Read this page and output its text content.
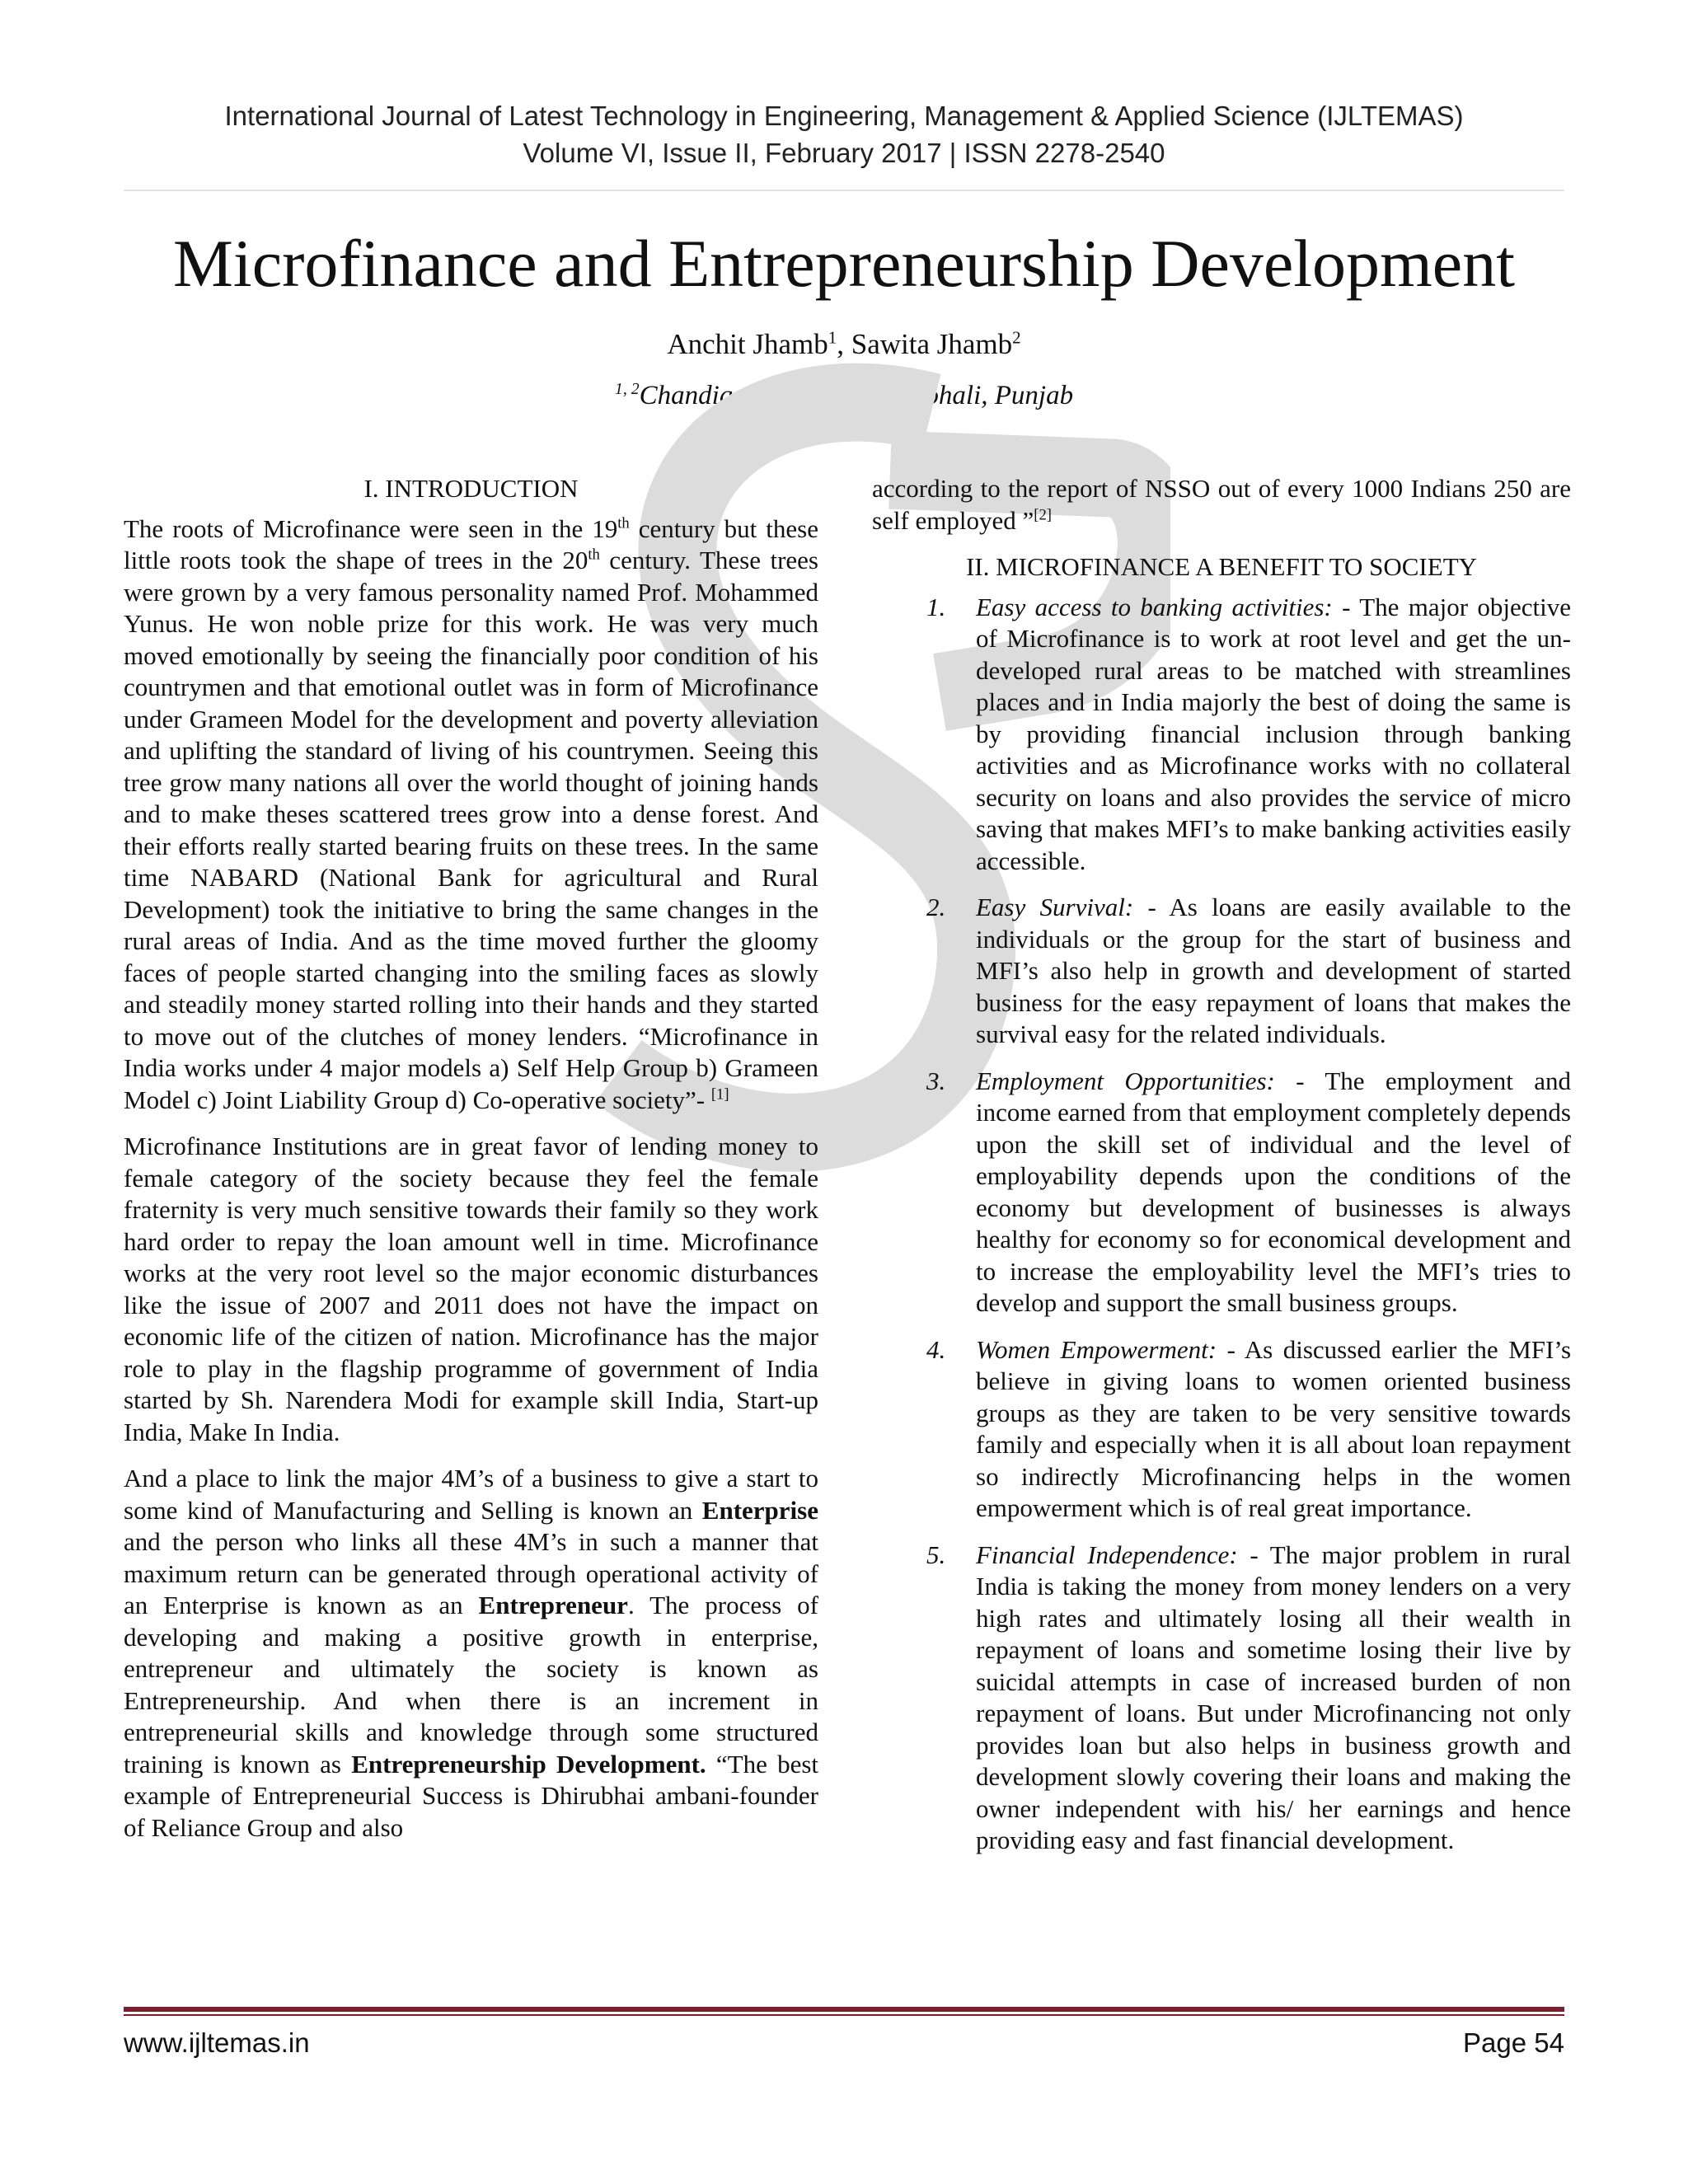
International Journal of Latest Technology in Engineering, Management & Applied Science (IJLTEMAS)
Volume VI, Issue II, February 2017 | ISSN 2278-2540
Microfinance and Entrepreneurship Development
Anchit Jhamb$^1$, Sawita Jhamb$^2$
$^{1, 2}$Chandigarh University, Mohali, Punjab
I. INTRODUCTION

The roots of Microfinance were seen in the 19th century but these little roots took the shape of trees in the 20th century. These trees were grown by a very famous personality named Prof. Mohammed Yunus. He won noble prize for this work. He was very much moved emotionally by seeing the financially poor condition of his countrymen and that emotional outlet was in form of Microfinance under Grameen Model for the development and poverty alleviation and uplifting the standard of living of his countrymen. Seeing this tree grow many nations all over the world thought of joining hands and to make theses scattered trees grow into a dense forest. And their efforts really started bearing fruits on these trees. In the same time NABARD (National Bank for agricultural and Rural Development) took the initiative to bring the same changes in the rural areas of India. And as the time moved further the gloomy faces of people started changing into the smiling faces as slowly and steadily money started rolling into their hands and they started to move out of the clutches of money lenders. “Microfinance in India works under 4 major models a) Self Help Group b) Grameen Model c) Joint Liability Group d) Co-operative society”- [1]

Microfinance Institutions are in great favor of lending money to female category of the society because they feel the female fraternity is very much sensitive towards their family so they work hard order to repay the loan amount well in time. Microfinance works at the very root level so the major economic disturbances like the issue of 2007 and 2011 does not have the impact on economic life of the citizen of nation. Microfinance has the major role to play in the flagship programme of government of India started by Sh. Narendera Modi for example skill India, Start-up India, Make In India.

And a place to link the major 4M’s of a business to give a start to some kind of Manufacturing and Selling is known an Enterprise and the person who links all these 4M’s in such a manner that maximum return can be generated through operational activity of an Enterprise is known as an Entrepreneur. The process of developing and making a positive growth in enterprise, entrepreneur and ultimately the society is known as Entrepreneurship. And when there is an increment in entrepreneurial skills and knowledge through some structured training is known as Entrepreneurship Development. “The best example of Entrepreneurial Success is Dhirubhai ambani-founder of Reliance Group and also

according to the report of NSSO out of every 1000 Indians 250 are self employed ”[2]

II. MICROFINANCE A BENEFIT TO SOCIETY
1. Easy access to banking activities: - The major objective of Microfinance is to work at root level and get the un-developed rural areas to be matched with streamlines places and in India majorly the best of doing the same is by providing financial inclusion through banking activities and as Microfinance works with no collateral security on loans and also provides the service of micro saving that makes MFI’s to make banking activities easily accessible.
2. Easy Survival: - As loans are easily available to the individuals or the group for the start of business and MFI’s also help in growth and development of started business for the easy repayment of loans that makes the survival easy for the related individuals.
3. Employment Opportunities: - The employment and income earned from that employment completely depends upon the skill set of individual and the level of employability depends upon the conditions of the economy but development of businesses is always healthy for economy so for economical development and to increase the employability level the MFI’s tries to develop and support the small business groups.
4. Women Empowerment: - As discussed earlier the MFI’s believe in giving loans to women oriented business groups as they are taken to be very sensitive towards family and especially when it is all about loan repayment so indirectly Microfinancing helps in the women empowerment which is of real great importance.
5. Financial Independence: - The major problem in rural India is taking the money from money lenders on a very high rates and ultimately losing all their wealth in repayment of loans and sometime losing their live by suicidal attempts in case of increased burden of non repayment of loans. But under Microfinancing not only provides loan but also helps in business growth and development slowly covering their loans and making the owner independent with his/ her earnings and hence providing easy and fast financial development.
www.ijltemas.in	Page 54
